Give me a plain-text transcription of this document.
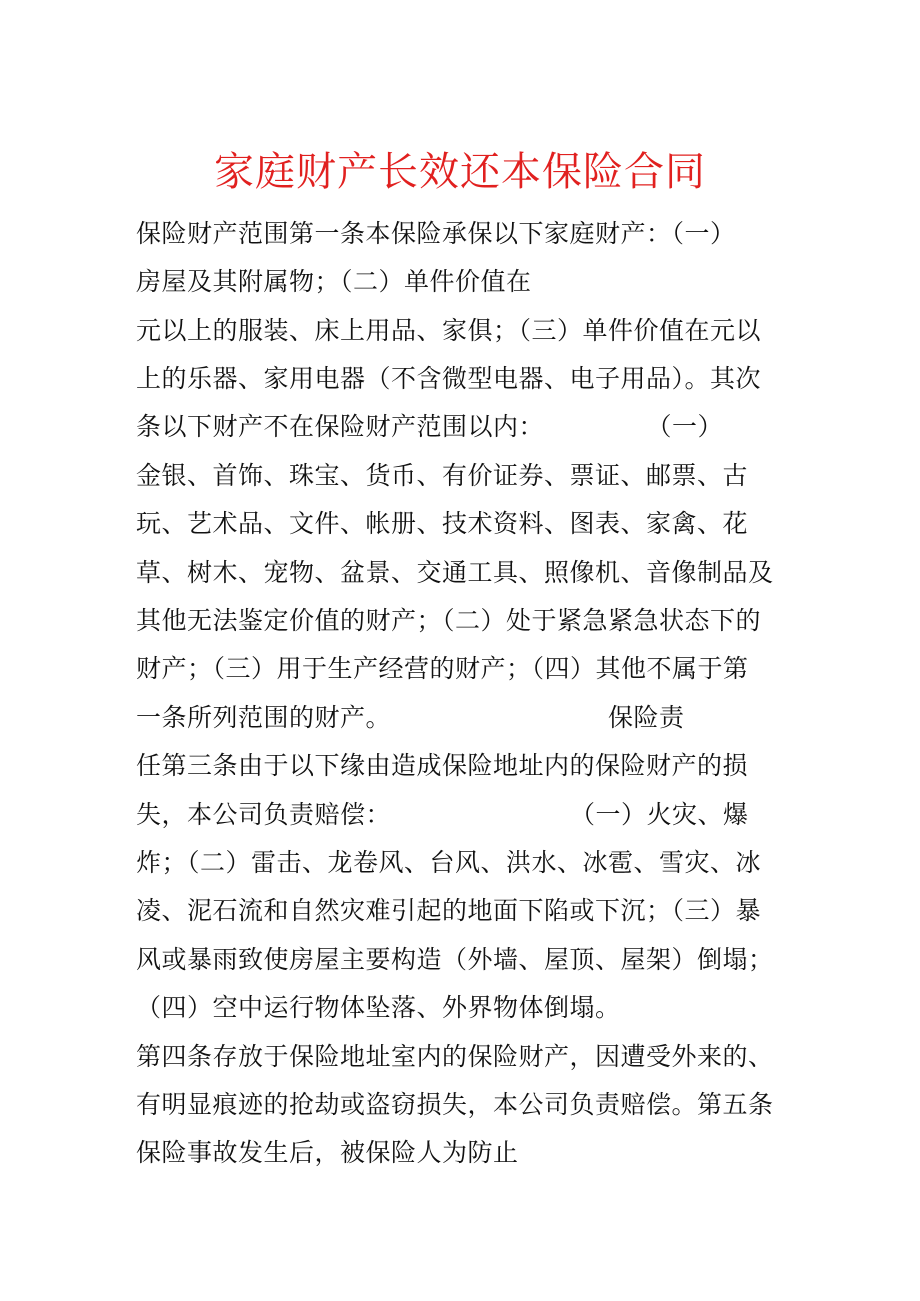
家庭财产长效还本保险合同
保险财产范围第一条本保险承保以下家庭财产：（一）
房屋及其附属物；（二）单件价值在
元以上的服装、床上用品、家俱；（三）单件价值在元以
上的乐器、家用电器（不含微型电器、电子用品）。其次
条以下财产不在保险财产范围以内：　　　　　（一）
金银、首饰、珠宝、货币、有价证券、票证、邮票、古
玩、艺术品、文件、帐册、技术资料、图表、家禽、花
草、树木、宠物、盆景、交通工具、照像机、音像制品及
其他无法鉴定价值的财产；（二）处于紧急紧急状态下的
财产；（三）用于生产经营的财产；（四）其他不属于第
一条所列范围的财产。　　　　　　　　　保险责
任第三条由于以下缘由造成保险地址内的保险财产的损
失，本公司负责赔偿：　　　　　　　　（一）火灾、爆
炸；（二）雷击、龙卷风、台风、洪水、冰雹、雪灾、冰
凌、泥石流和自然灾难引起的地面下陷或下沉；（三）暴
风或暴雨致使房屋主要构造（外墙、屋顶、屋架）倒塌；
（四）空中运行物体坠落、外界物体倒塌。
第四条存放于保险地址室内的保险财产，因遭受外来的、
有明显痕迹的抢劫或盗窃损失，本公司负责赔偿。第五条
保险事故发生后，被保险人为防止
